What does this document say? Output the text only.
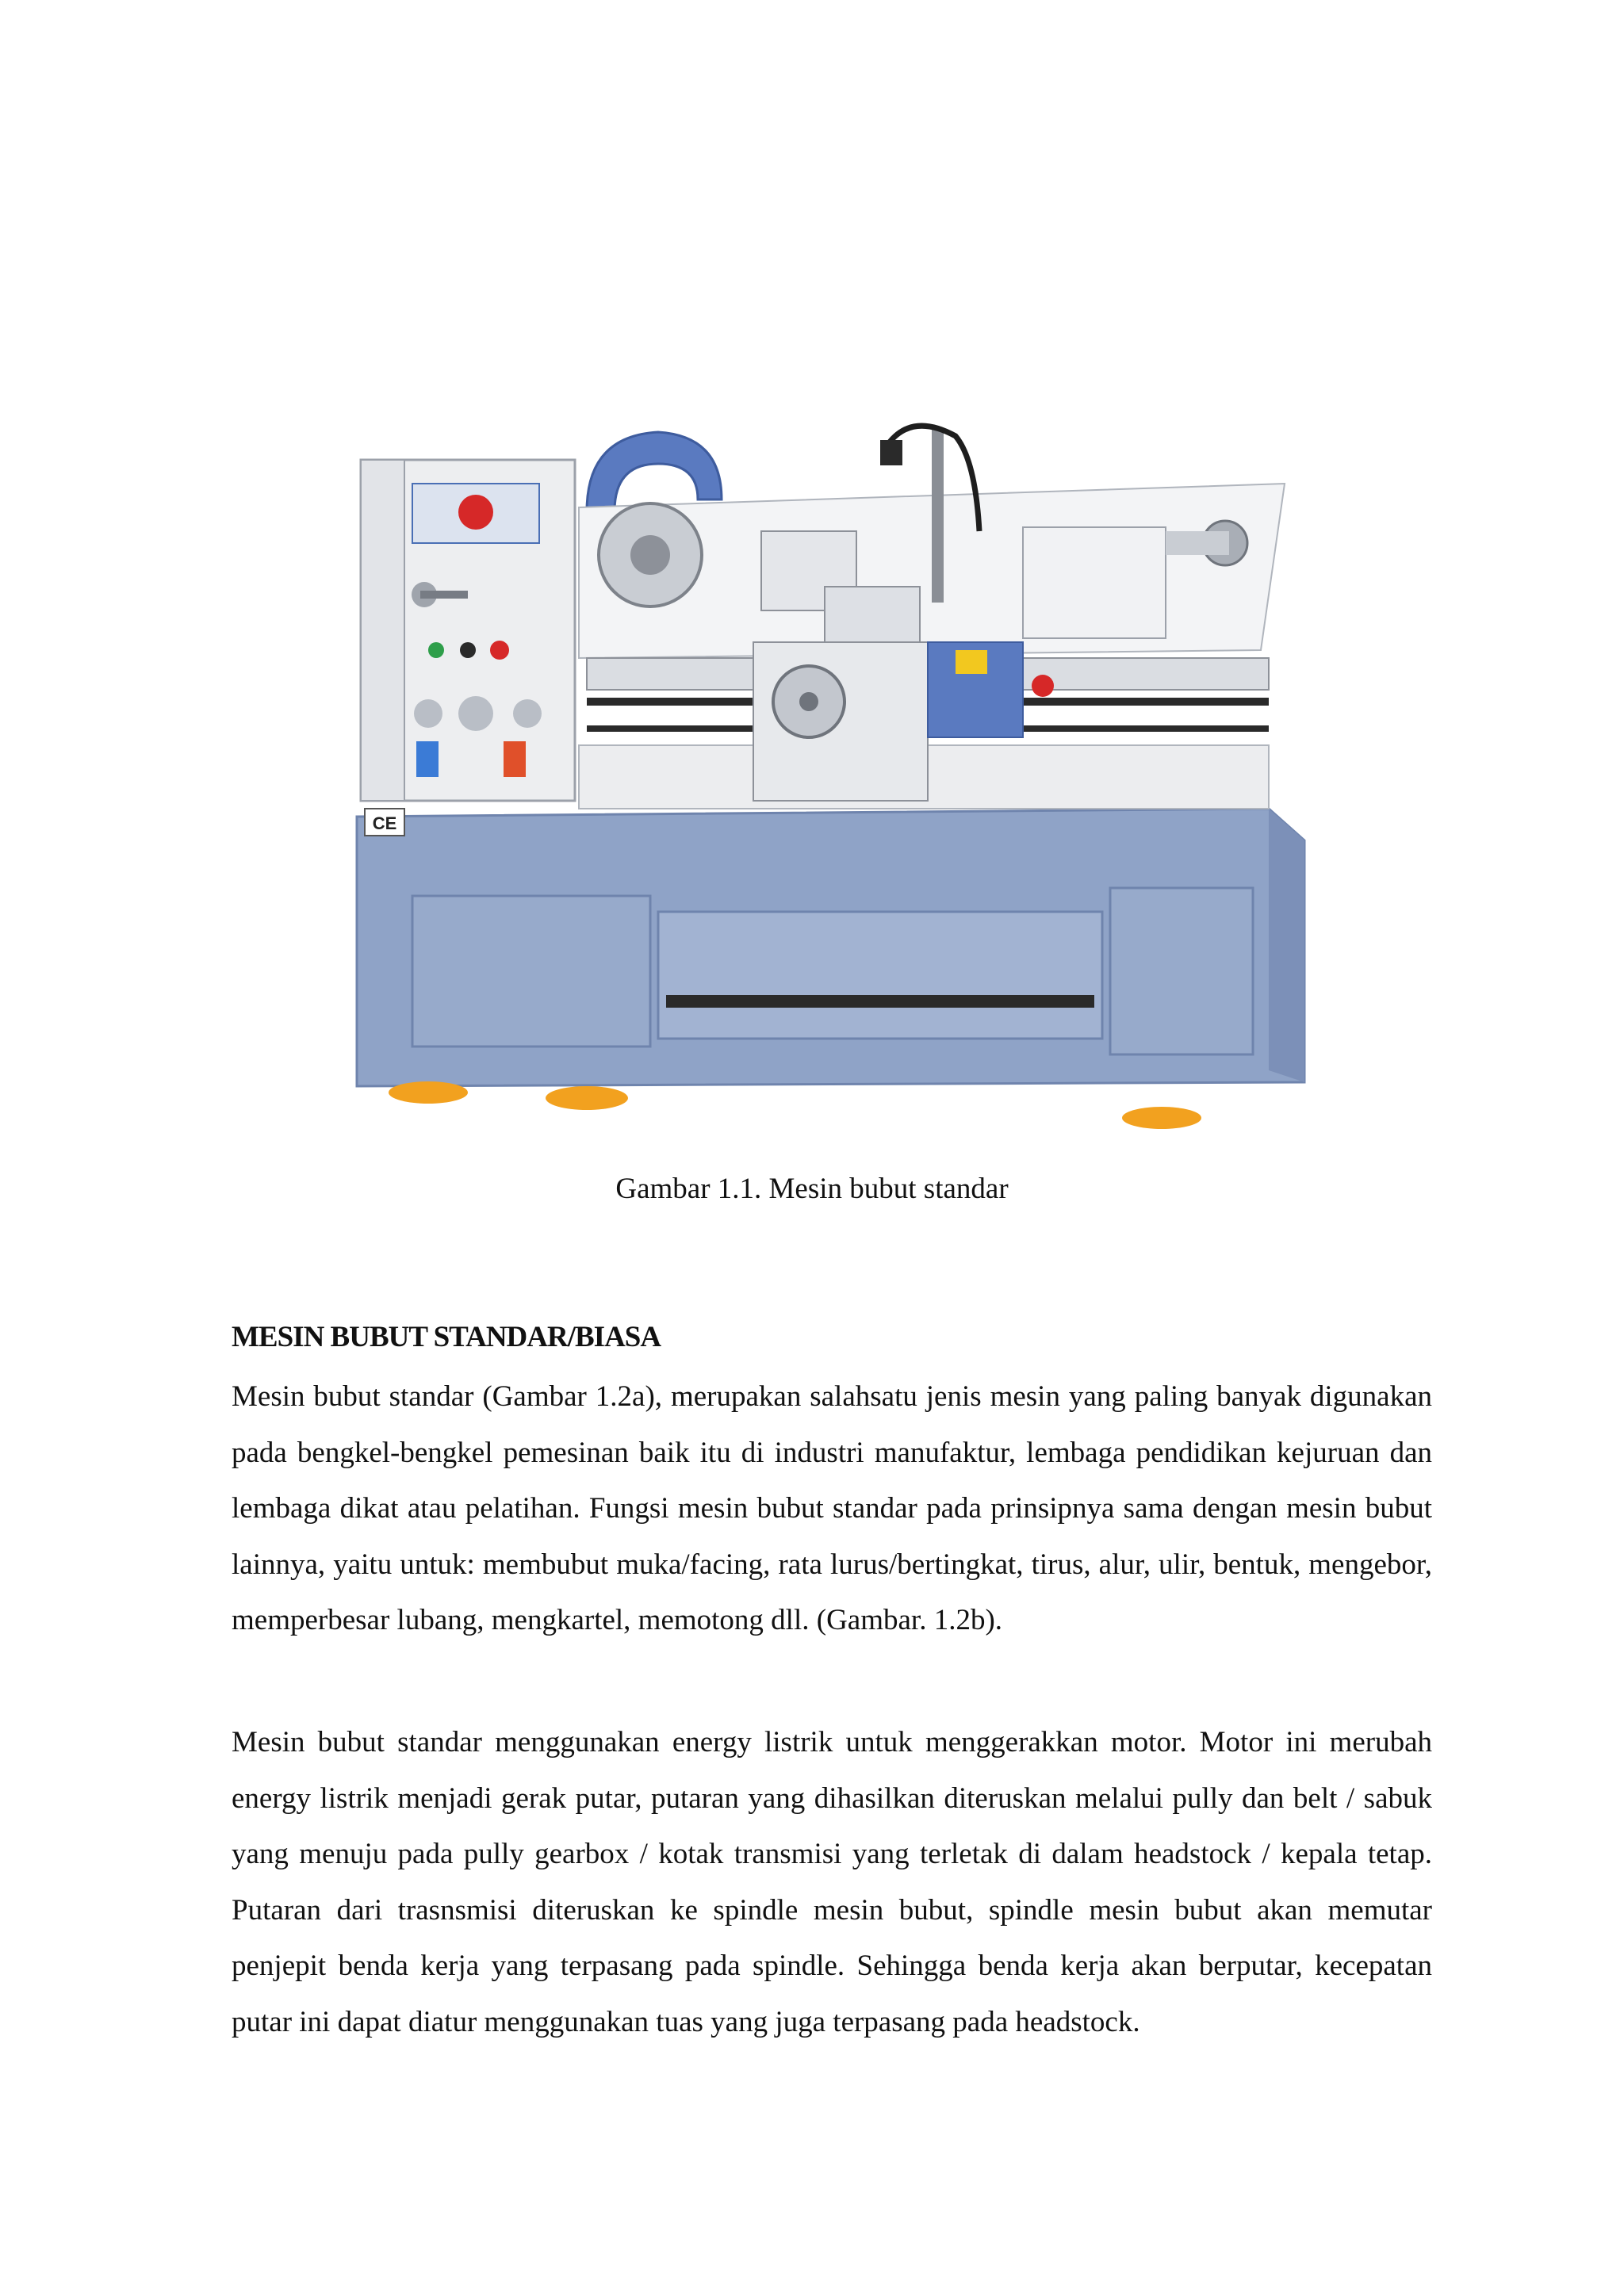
CE
Gambar 1.1. Mesin bubut standar
MESIN BUBUT STANDAR/BIASA

Mesin bubut standar (Gambar 1.2a), merupakan salahsatu jenis mesin yang paling banyak digunakan pada bengkel-bengkel pemesinan baik itu di industri manufaktur, lembaga pendidikan kejuruan dan lembaga dikat atau pelatihan. Fungsi mesin bubut standar pada prinsipnya sama dengan mesin bubut lainnya, yaitu untuk: membubut muka/facing, rata lurus/bertingkat, tirus, alur, ulir, bentuk, mengebor, memperbesar lubang, mengkartel, memotong dll. (Gambar. 1.2b).

Mesin bubut standar menggunakan energy listrik untuk menggerakkan motor. Motor ini merubah energy listrik menjadi gerak putar, putaran yang dihasilkan diteruskan melalui pully dan belt / sabuk yang menuju pada pully gearbox / kotak transmisi yang terletak di dalam headstock / kepala tetap. Putaran dari trasnsmisi diteruskan ke spindle mesin bubut, spindle mesin bubut akan memutar penjepit benda kerja yang terpasang pada spindle. Sehingga benda kerja akan berputar, kecepatan putar ini dapat diatur menggunakan tuas yang juga terpasang pada headstock.
